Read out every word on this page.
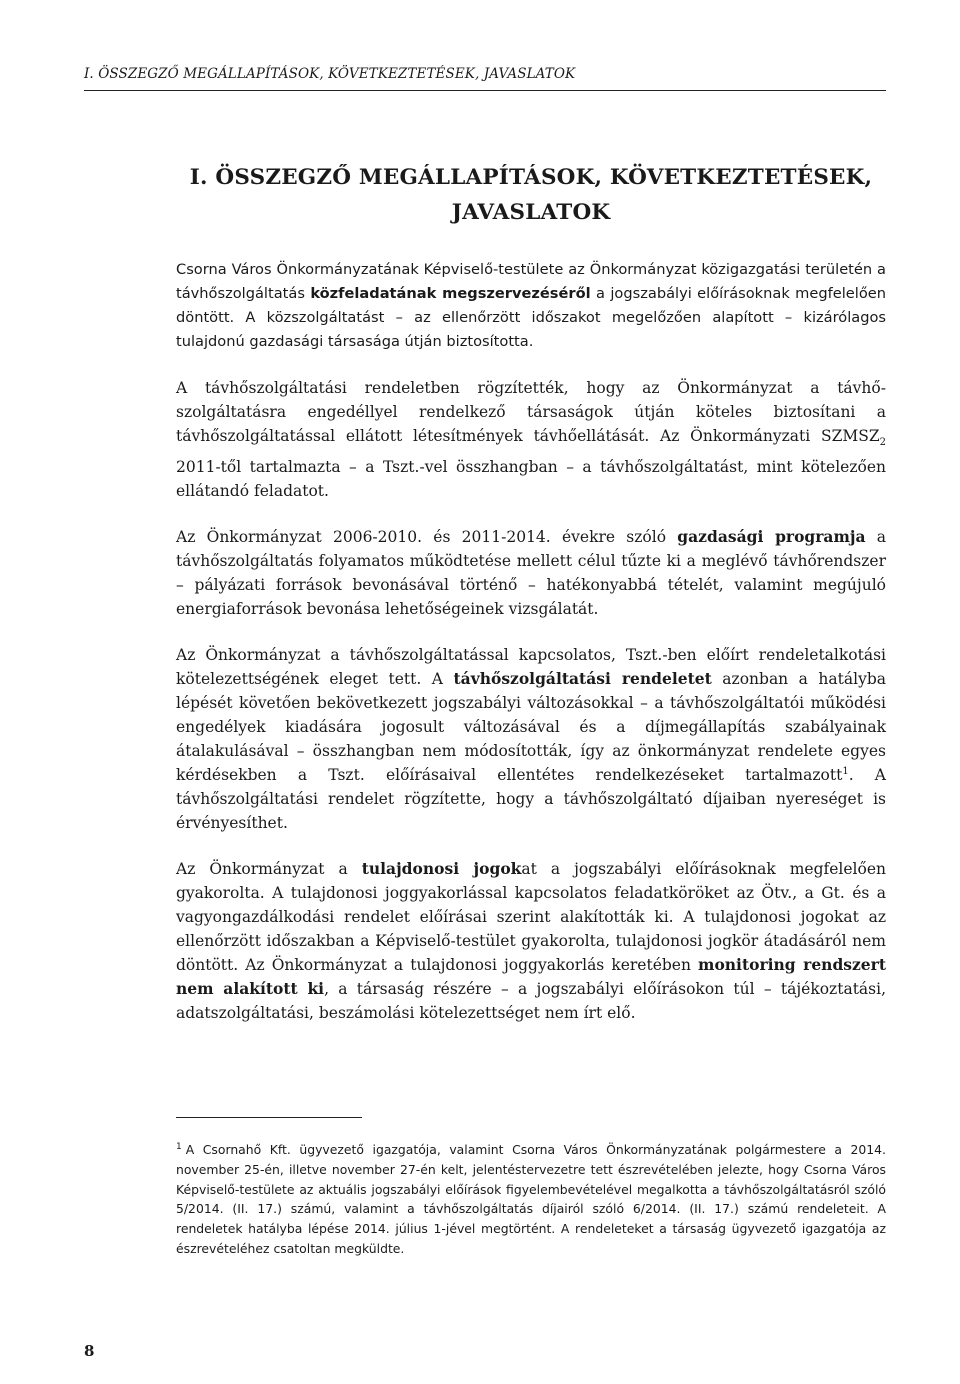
I. ÖSSZEGZŐ MEGÁLLAPÍTÁSOK, KÖVETKEZTETÉSEK, JAVASLATOK
I. ÖSSZEGZŐ MEGÁLLAPÍTÁSOK, KÖVETKEZTETÉSEK,
JAVASLATOK

Csorna Város Önkormányzatának Képviselő-testülete az Önkormányzat közigazgatási területén a távhőszolgáltatás közfeladatának megszervezéséről a jogszabályi előírásoknak megfelelően döntött. A közszolgáltatást – az ellenőrzött időszakot megelőzően alapított – kizárólagos tulajdonú gazdasági társasága útján biztosította.

A távhőszolgáltatási rendeletben rögzítették, hogy az Önkormányzat a távhőszolgáltatásra engedéllyel rendelkező társaságok útján köteles biztosítani a távhőszolgáltatással ellátott létesítmények távhőellátását. Az Önkormányzati $SZMSZ_2$ 2011-től tartalmazta – a Tszt.-vel összhangban – a távhőszolgáltatást, mint kötelezően ellátandó feladatot.

Az Önkormányzat 2006-2010. és 2011-2014. évekre szóló gazdasági programja a távhőszolgáltatás folyamatos működtetése mellett célul tűzte ki a meglévő távhőrendszer – pályázati források bevonásával történő – hatékonyabbá tételét, valamint megújuló energiaforrások bevonása lehetőségeinek vizsgálatát.

Az Önkormányzat a távhőszolgáltatással kapcsolatos, Tszt.-ben előírt rendeletalkotási kötelezettségének eleget tett. A távhőszolgáltatási rendeletet azonban a hatályba lépését követően bekövetkezett jogszabályi változásokkal – a távhőszolgáltatói működési engedélyek kiadására jogosult változásával és a díjmegállapítás szabályainak átalakulásával – összhangban nem módosították, így az önkormányzat rendelete egyes kérdésekben a Tszt. előírásaival ellentétes rendelkezéseket tartalmazott$^1$. A távhőszolgáltatási rendelet rögzítette, hogy a távhőszolgáltató díjaiban nyereséget is érvényesíthet.

Az Önkormányzat a tulajdonosi jogokat a jogszabályi előírásoknak megfelelően gyakorolta. A tulajdonosi joggyakorlással kapcsolatos feladatköröket az Ötv., a Gt. és a vagyongazdálkodási rendelet előírásai szerint alakították ki. A tulajdonosi jogokat az ellenőrzött időszakban a Képviselő-testület gyakorolta, tulajdonosi jogkör átadásáról nem döntött. Az Önkormányzat a tulajdonosi joggyakorlás keretében monitoring rendszert nem alakított ki, a társaság részére – a jogszabályi előírásokon túl – tájékoztatási, adatszolgáltatási, beszámolási kötelezettséget nem írt elő.

$^1$ A Csornahő Kft. ügyvezető igazgatója, valamint Csorna Város Önkormányzatának polgármestere a 2014. november 25-én, illetve november 27-én kelt, jelentéstervezetre tett észrevételében jelezte, hogy Csorna Város Képviselő-testülete az aktuális jogszabályi előírások figyelembevételével megalkotta a távhőszolgáltatásról szóló 5/2014. (II. 17.) számú, valamint a távhőszolgáltatás díjairól szóló 6/2014. (II. 17.) számú rendeleteit. A rendeletek hatályba lépése 2014. július 1-jével megtörtént. A rendeleteket a társaság ügyvezető igazgatója az észrevételéhez csatoltan megküldte.

8
